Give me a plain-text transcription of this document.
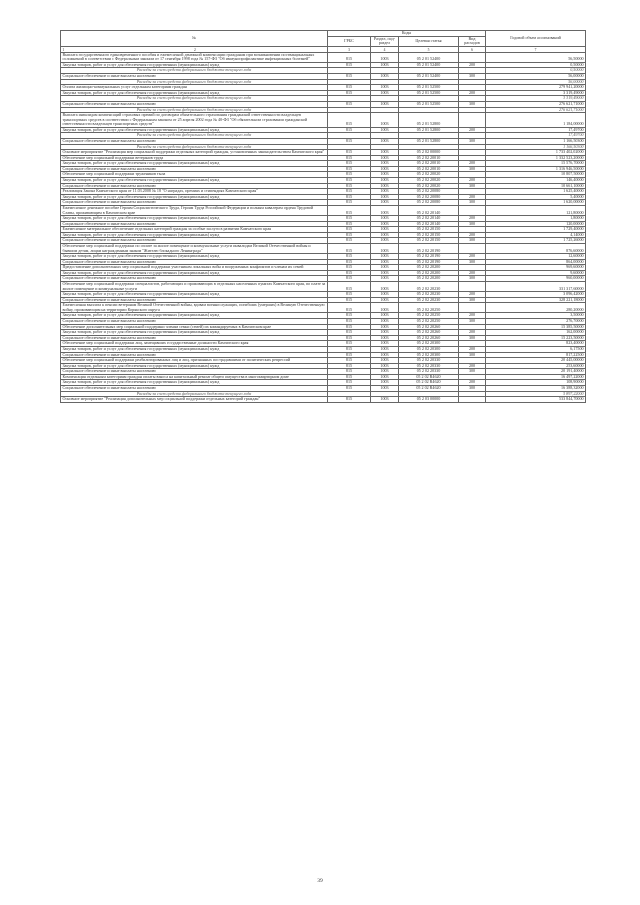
№	Коды				Годовой объем ассигнований
	ГРБС	Раздел, под-раздел	Целевая статья	Вид расходов	

1 2	3	4	5	6	7
Выплата государственного единовременного пособия и ежемесячной денежной компенсации гражданам при возникновении поствакцинальных осложнений в соответствии с Федеральным законом от 17 сентября 1998 года № 157-ФЗ "Об иммунопрофилактике инфекционных болезней"	815	1003	05 2 01 52400		56,50000
Закупка товаров, работ и услуг для обеспечения государственных (муниципальных) нужд	815	1003	05 2 01 52400	200	0,50000
Расходы за счет средств федерального бюджета текущего года					0,50000
Социальное обеспечение и иные выплаты населению	815	1003	05 2 01 52400	300	56,00000
Расходы за счет средств федерального бюджета текущего года					56,00000
Оплата жилищно-коммунальных услуг отдельным категориям граждан	815	1003	05 2 01 52500		279 941,20000
Закупка товаров, работ и услуг для обеспечения государственных (муниципальных) нужд	815	1003	05 2 01 52500	200	3 319,49000
Расходы за счет средств федерального бюджета текущего года					3 319,49000
Социальное обеспечение и иные выплаты населению	815	1003	05 2 01 52500	300	276 621,71000
Расходы за счет средств федерального бюджета текущего года					276 621,71000
Выплата инвалидам компенсаций страховых премий по договорам обязательного страхования гражданской ответственности владельцев транспортных средств в соответствии с Федеральным законом от 25 апреля 2002 года № 40-ФЗ "Об обязательном страховании гражданской ответственности владельцев транспортных средств"	815	1003	05 2 01 52800		1 184,00000
Закупка товаров, работ и услуг для обеспечения государственных (муниципальных) нужд	815	1003	05 2 01 52800	200	17,49700
Расходы за счет средств федерального бюджета текущего года					17,49700
Социальное обеспечение и иные выплаты населению	815	1003	05 2 01 52800	300	1 166,50300
Расходы за счет средств федерального бюджета текущего года					1 166,50300
Основное мероприятие "Реализация мер социальной поддержки отдельных категорий граждан, установленных законодательством Камчатского края"	815	1003	05 2 02 00000		1 733 402,02000
Обеспечение мер социальной поддержки ветеранов труда	815	1003	05 2 02 20010		1 332 523,20000
Закупка товаров, работ и услуг для обеспечения государственных (муниципальных) нужд	815	1003	05 2 02 20010	200	15 576,70000
Социальное обеспечение и иные выплаты населению	815	1003	05 2 02 20010	300	1 316 946,50000
Обеспечение мер социальной поддержки тружеников тыла	815	1003	05 2 02 20020		10 807,50000
Закупка товаров, работ и услуг для обеспечения государственных (муниципальных) нужд	815	1003	05 2 02 20020	200	146,40000
Социальное обеспечение и иные выплаты населению	815	1003	05 2 02 20020	300	10 661,10000
Реализация Закона Камчатского края от 11.03.2008 № 18 "О наградах, премиях и стипендиях Камчатского края"	815	1003	05 2 02 20080		1 625,40000
Закупка товаров, работ и услуг для обеспечения государственных (муниципальных) нужд	815	1003	05 2 02 20080	200	5,40000
Социальное обеспечение и иные выплаты населению	815	1003	05 2 02 20080	300	1 620,00000
Ежемесячное денежное пособие Героям Социалистического Труда, Героям Труда Российской Федерации и полным кавалерам ордена Трудовой Славы, проживающим в Камчатском крае	815	1003	05 2 02 20140		121,80000
Закупка товаров, работ и услуг для обеспечения государственных (муниципальных) нужд	815	1003	05 2 02 20140	200	1,80000
Социальное обеспечение и иные выплаты населению	815	1003	05 2 02 20140	300	120,00000
Ежемесячное материальное обеспечение отдельных категорий граждан за особые заслуги в развитии Камчатского края	815	1003	05 2 02 20150		1 729,40000
Закупка товаров, работ и услуг для обеспечения государственных (муниципальных) нужд	815	1003	05 2 02 20150	200	4,14000
Социальное обеспечение и иные выплаты населению	815	1003	05 2 02 20150	300	1 725,26000
Обеспечение мер социальной поддержки по оплате за жилое помещение и коммунальные услуги инвалидам Великой Отечественной войны и бывшим детям, лицам награжденным знаком "Жителю блокадного Ленинграда"	815	1003	05 2 02 20190		876,60000
Закупка товаров, работ и услуг для обеспечения государственных (муниципальных) нужд	815	1003	05 2 02 20190	200	12,60000
Социальное обеспечение и иные выплаты населению	815	1003	05 2 02 20190	300	864,00000
Предоставление дополнительных мер социальной поддержки участникам локальных войн и вооруженных конфликтов и членам их семей	815	1003	05 2 02 20200		969,60000
Закупка товаров, работ и услуг для обеспечения государственных (муниципальных) нужд	815	1003	05 2 02 20200	200	9,60000
Социальное обеспечение и иные выплаты населению	815	1003	05 2 02 20200	300	960,00000
Обеспечение мер социальной поддержки специалистов, работающих и проживающих в отдельных населенных пунктах Камчатского края, по плате за жилое помещение и коммунальные услуги	815	1003	05 2 02 20230		331 317,60000
Закупка товаров, работ и услуг для обеспечения государственных (муниципальных) нужд	815	1003	05 2 02 20230	200	3 096,42000
Социальное обеспечение и иные выплаты населению	815	1003	05 2 02 20230	300	328 221,18000
Ежемесячная выплата к пенсии ветеранам Великой Отечественной войны, вдовам военнослужащих, погибших (умерших) в Великую Отечественную войну, проживающим на территории Корякского округа	815	1003	05 2 02 20250		280,20000
Закупка товаров, работ и услуг для обеспечения государственных (муниципальных) нужд	815	1003	05 2 02 20250	200	3,50000
Социальное обеспечение и иные выплаты населению	815	1003	05 2 02 20250	300	276,70000
Обеспечение дополнительных мер социальной поддержки членам семьи (семей) их командируемых в Камчатском крае	815	1003	05 2 02 20260		15 385,50000
Закупка товаров, работ и услуг для обеспечения государственных (муниципальных) нужд	815	1003	05 2 02 20260	200	162,00000
Социальное обеспечение и иные выплаты населению	815	1003	05 2 02 20260	300	15 223,50000
Обеспечение мер социальной поддержки лиц, замещавших государственные должности Камчатского края	815	1003	05 2 02 20300		823,40000
Закупка товаров, работ и услуг для обеспечения государственных (муниципальных) нужд	815	1003	05 2 02 20300	200	6,17500
Социальное обеспечение и иные выплаты населению	815	1003	05 2 02 20300	300	817,22500
Обеспечение мер социальной поддержки реабилитированных лиц и лиц, признанных пострадавшими от политических репрессий	815	1003	05 2 02 20330		20 445,00000
Закупка товаров, работ и услуг для обеспечения государственных (муниципальных) нужд	815	1003	05 2 02 20330	200	253,60000
Социальное обеспечение и иные выплаты населению	815	1003	05 2 02 20330	300	20 191,40000
Компенсация отдельным категориям граждан оплаты взноса на капитальный ремонт общего имущества в многоквартирном доме	815	1003	05 2 02 R4620		16 497,22000
Закупка товаров, работ и услуг для обеспечения государственных (муниципальных) нужд	815	1003	05 2 02 R4620	200	108,90000
Социальное обеспечение и иные выплаты населению	815	1003	05 2 02 R4620	300	16 388,32000
Расходы за счет средств федерального бюджета текущего года					5 897,22000
Основное мероприятие "Реализация дополнительных мер социальной поддержки отдельных категорий граждан"	815	1003	05 2 03 00000		533 844,70000
39
